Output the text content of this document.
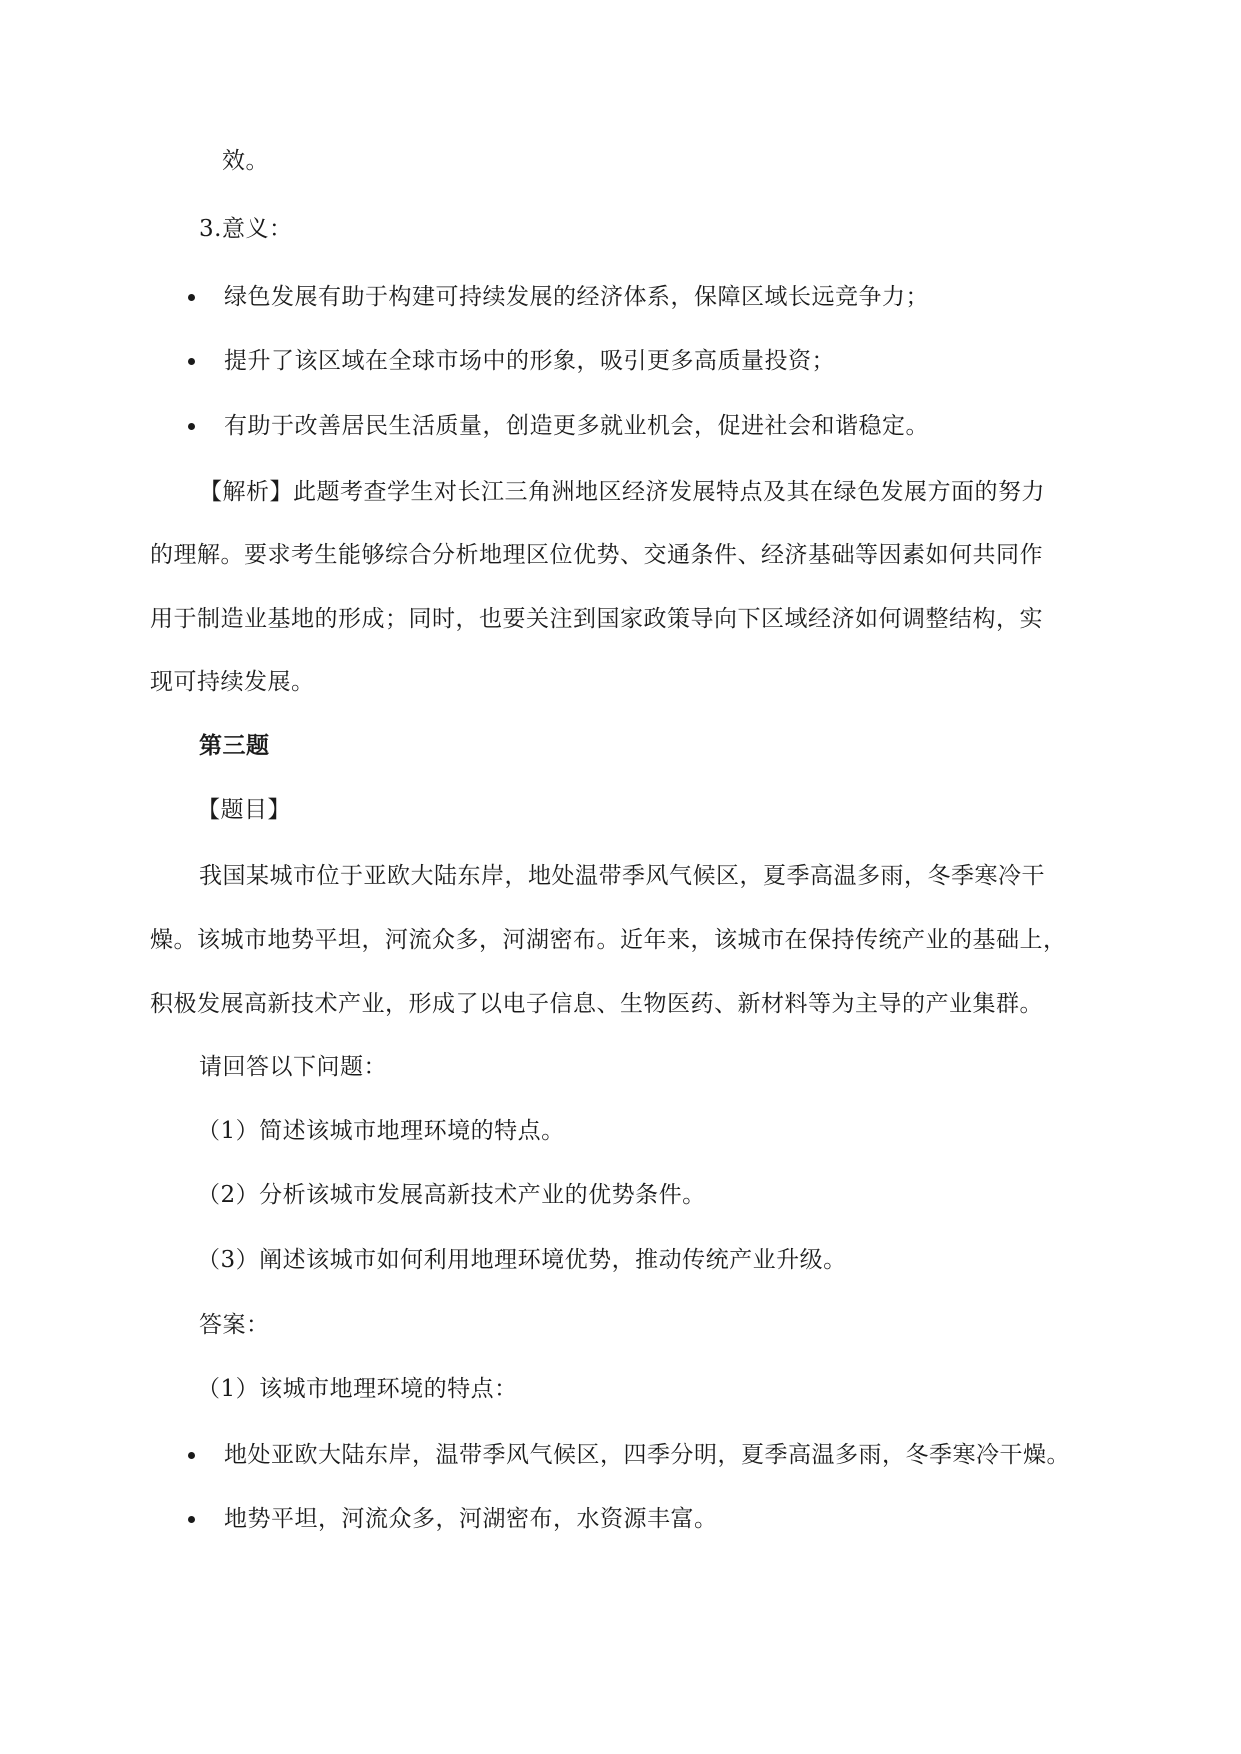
效。
3.意义：
绿色发展有助于构建可持续发展的经济体系，保障区域长远竞争力；
提升了该区域在全球市场中的形象，吸引更多高质量投资；
有助于改善居民生活质量，创造更多就业机会，促进社会和谐稳定。
【解析】此题考查学生对长江三角洲地区经济发展特点及其在绿色发展方面的努力
的理解。要求考生能够综合分析地理区位优势、交通条件、经济基础等因素如何共同作
用于制造业基地的形成；同时，也要关注到国家政策导向下区域经济如何调整结构，实
现可持续发展。
第三题
【题目】
我国某城市位于亚欧大陆东岸，地处温带季风气候区，夏季高温多雨，冬季寒冷干
燥。该城市地势平坦，河流众多，河湖密布。近年来，该城市在保持传统产业的基础上，
积极发展高新技术产业，形成了以电子信息、生物医药、新材料等为主导的产业集群。
请回答以下问题：
（1）简述该城市地理环境的特点。
（2）分析该城市发展高新技术产业的优势条件。
（3）阐述该城市如何利用地理环境优势，推动传统产业升级。
答案：
（1）该城市地理环境的特点：
地处亚欧大陆东岸，温带季风气候区，四季分明，夏季高温多雨，冬季寒冷干燥。
地势平坦，河流众多，河湖密布，水资源丰富。
